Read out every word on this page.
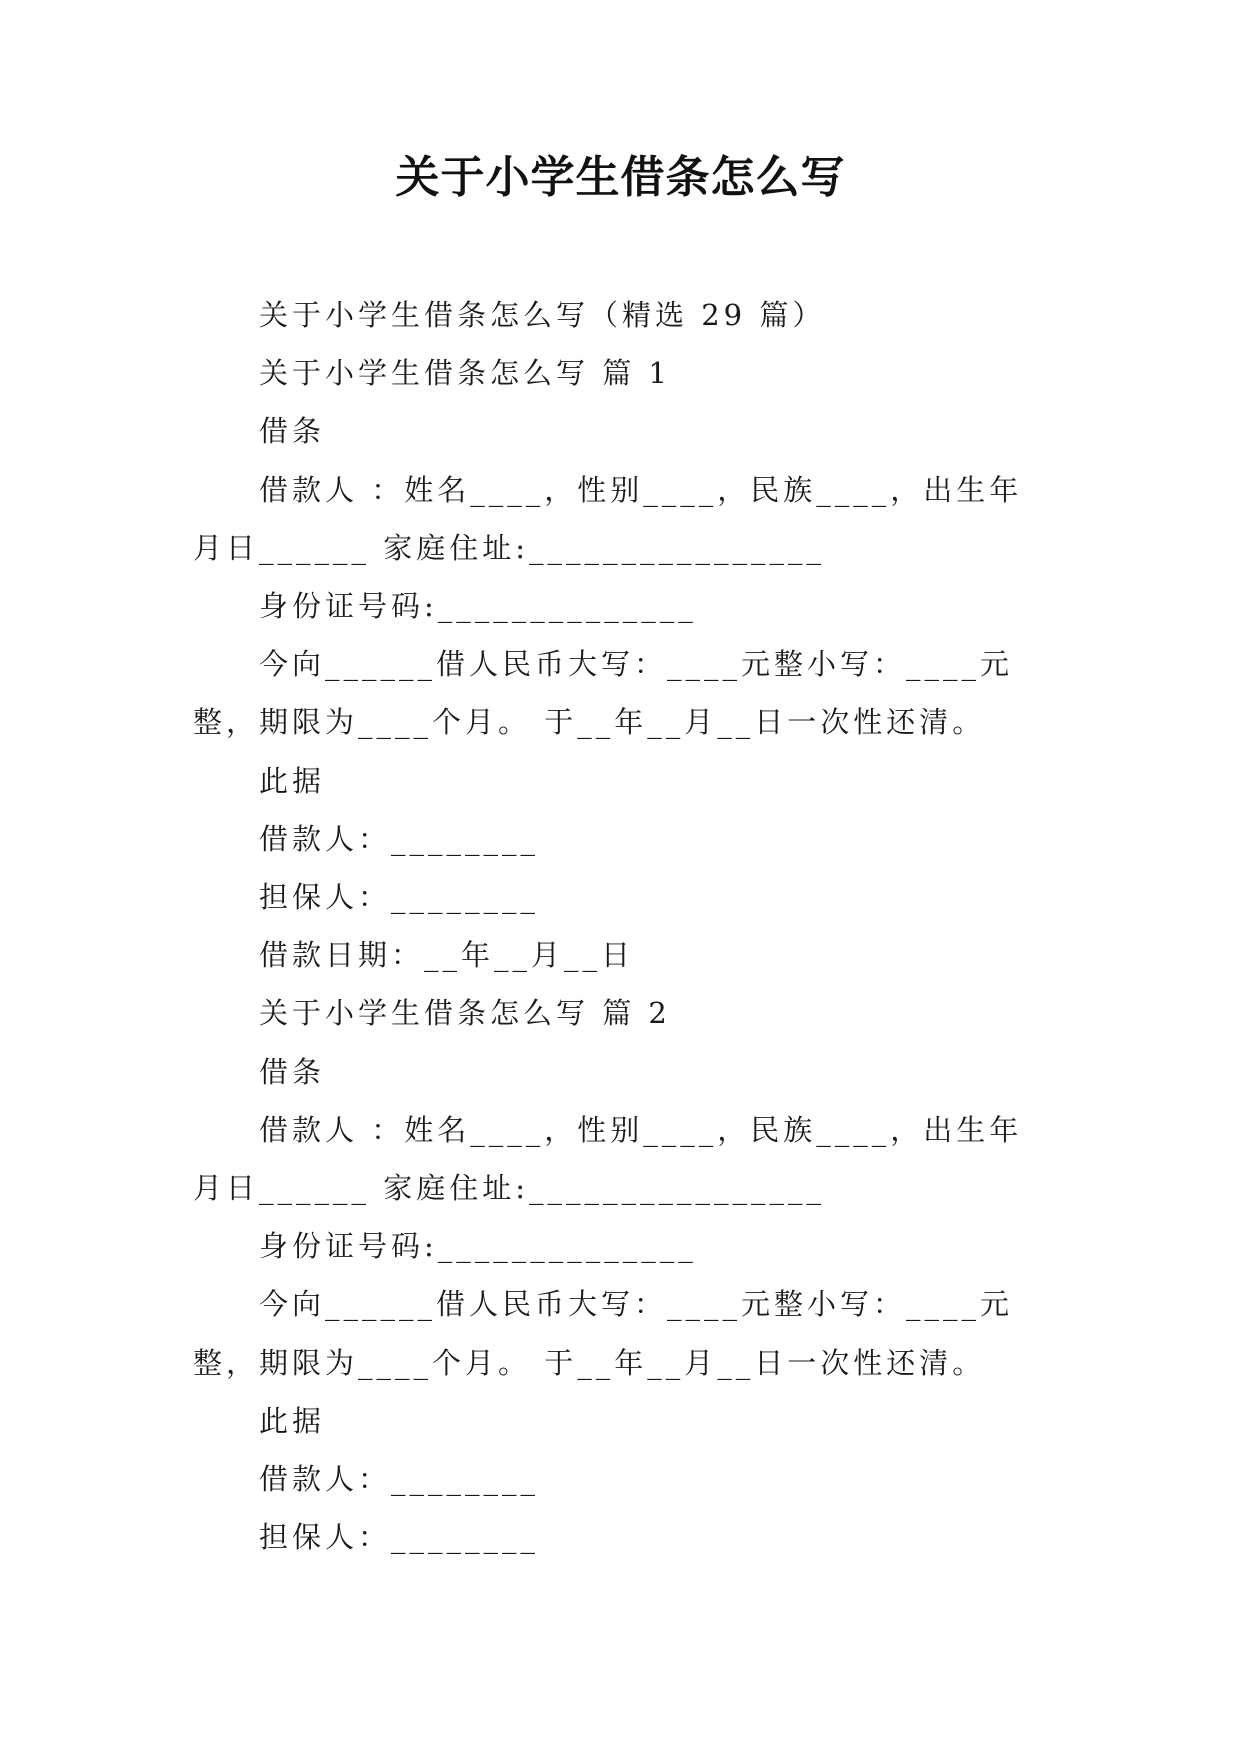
关于小学生借条怎么写

关于小学生借条怎么写（精选 29 篇）

关于小学生借条怎么写 篇 1

借条

借款人 ：姓名____，性别____，民族____，出生年月日______ 家庭住址:________________

身份证号码:______________

今向______借人民币大写：____元整小写：____元整，期限为____个月。 于__年__月__日一次性还清。

此据

借款人：________

担保人：________

借款日期：__年__月__日

关于小学生借条怎么写 篇 2

借条

借款人 ：姓名____，性别____，民族____，出生年月日______ 家庭住址:________________

身份证号码:______________

今向______借人民币大写：____元整小写：____元整，期限为____个月。 于__年__月__日一次性还清。

此据

借款人：________

担保人：________
